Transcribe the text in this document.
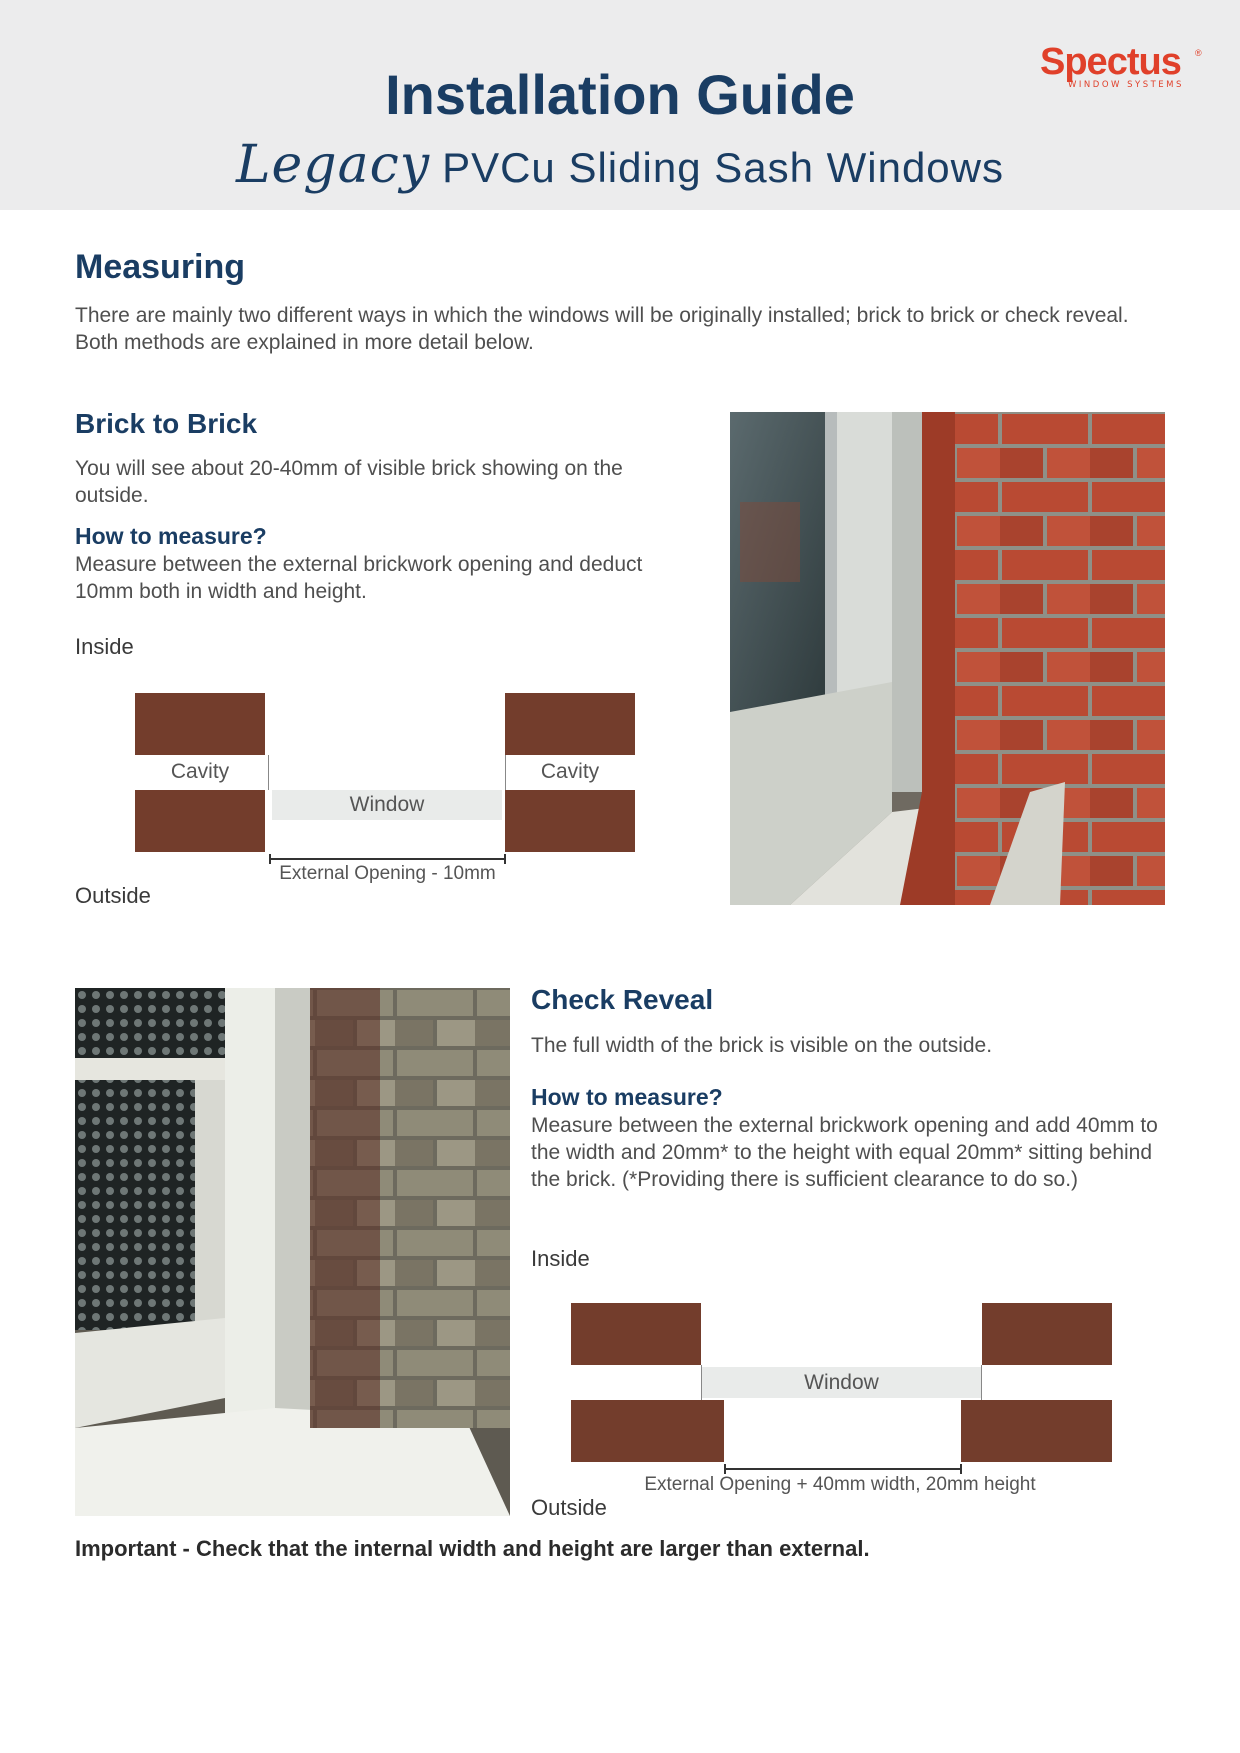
Installation Guide
Legacy PVCu Sliding Sash Windows
Spectus	®
WINDOW SYSTEMS
Measuring

There are mainly two different ways in which the windows will be originally installed; brick to brick or check reveal. Both methods are explained in more detail below.

Brick to Brick

You will see about 20-40mm of visible brick showing on the outside.

How to measure?

Measure between the external brickwork opening and deduct 10mm both in width and height.

Inside
Outside
Cavity	Cavity
Window
External Opening - 10mm
Check Reveal

The full width of the brick is visible on the outside.

How to measure?

Measure between the external brickwork opening and add 40mm to the width and 20mm* to the height with equal 20mm* sitting behind the brick. (*Providing there is sufficient clearance to do so.)

Inside
Outside
Window
External Opening + 40mm width, 20mm height

Important - Check that the internal width and height are larger than external.
